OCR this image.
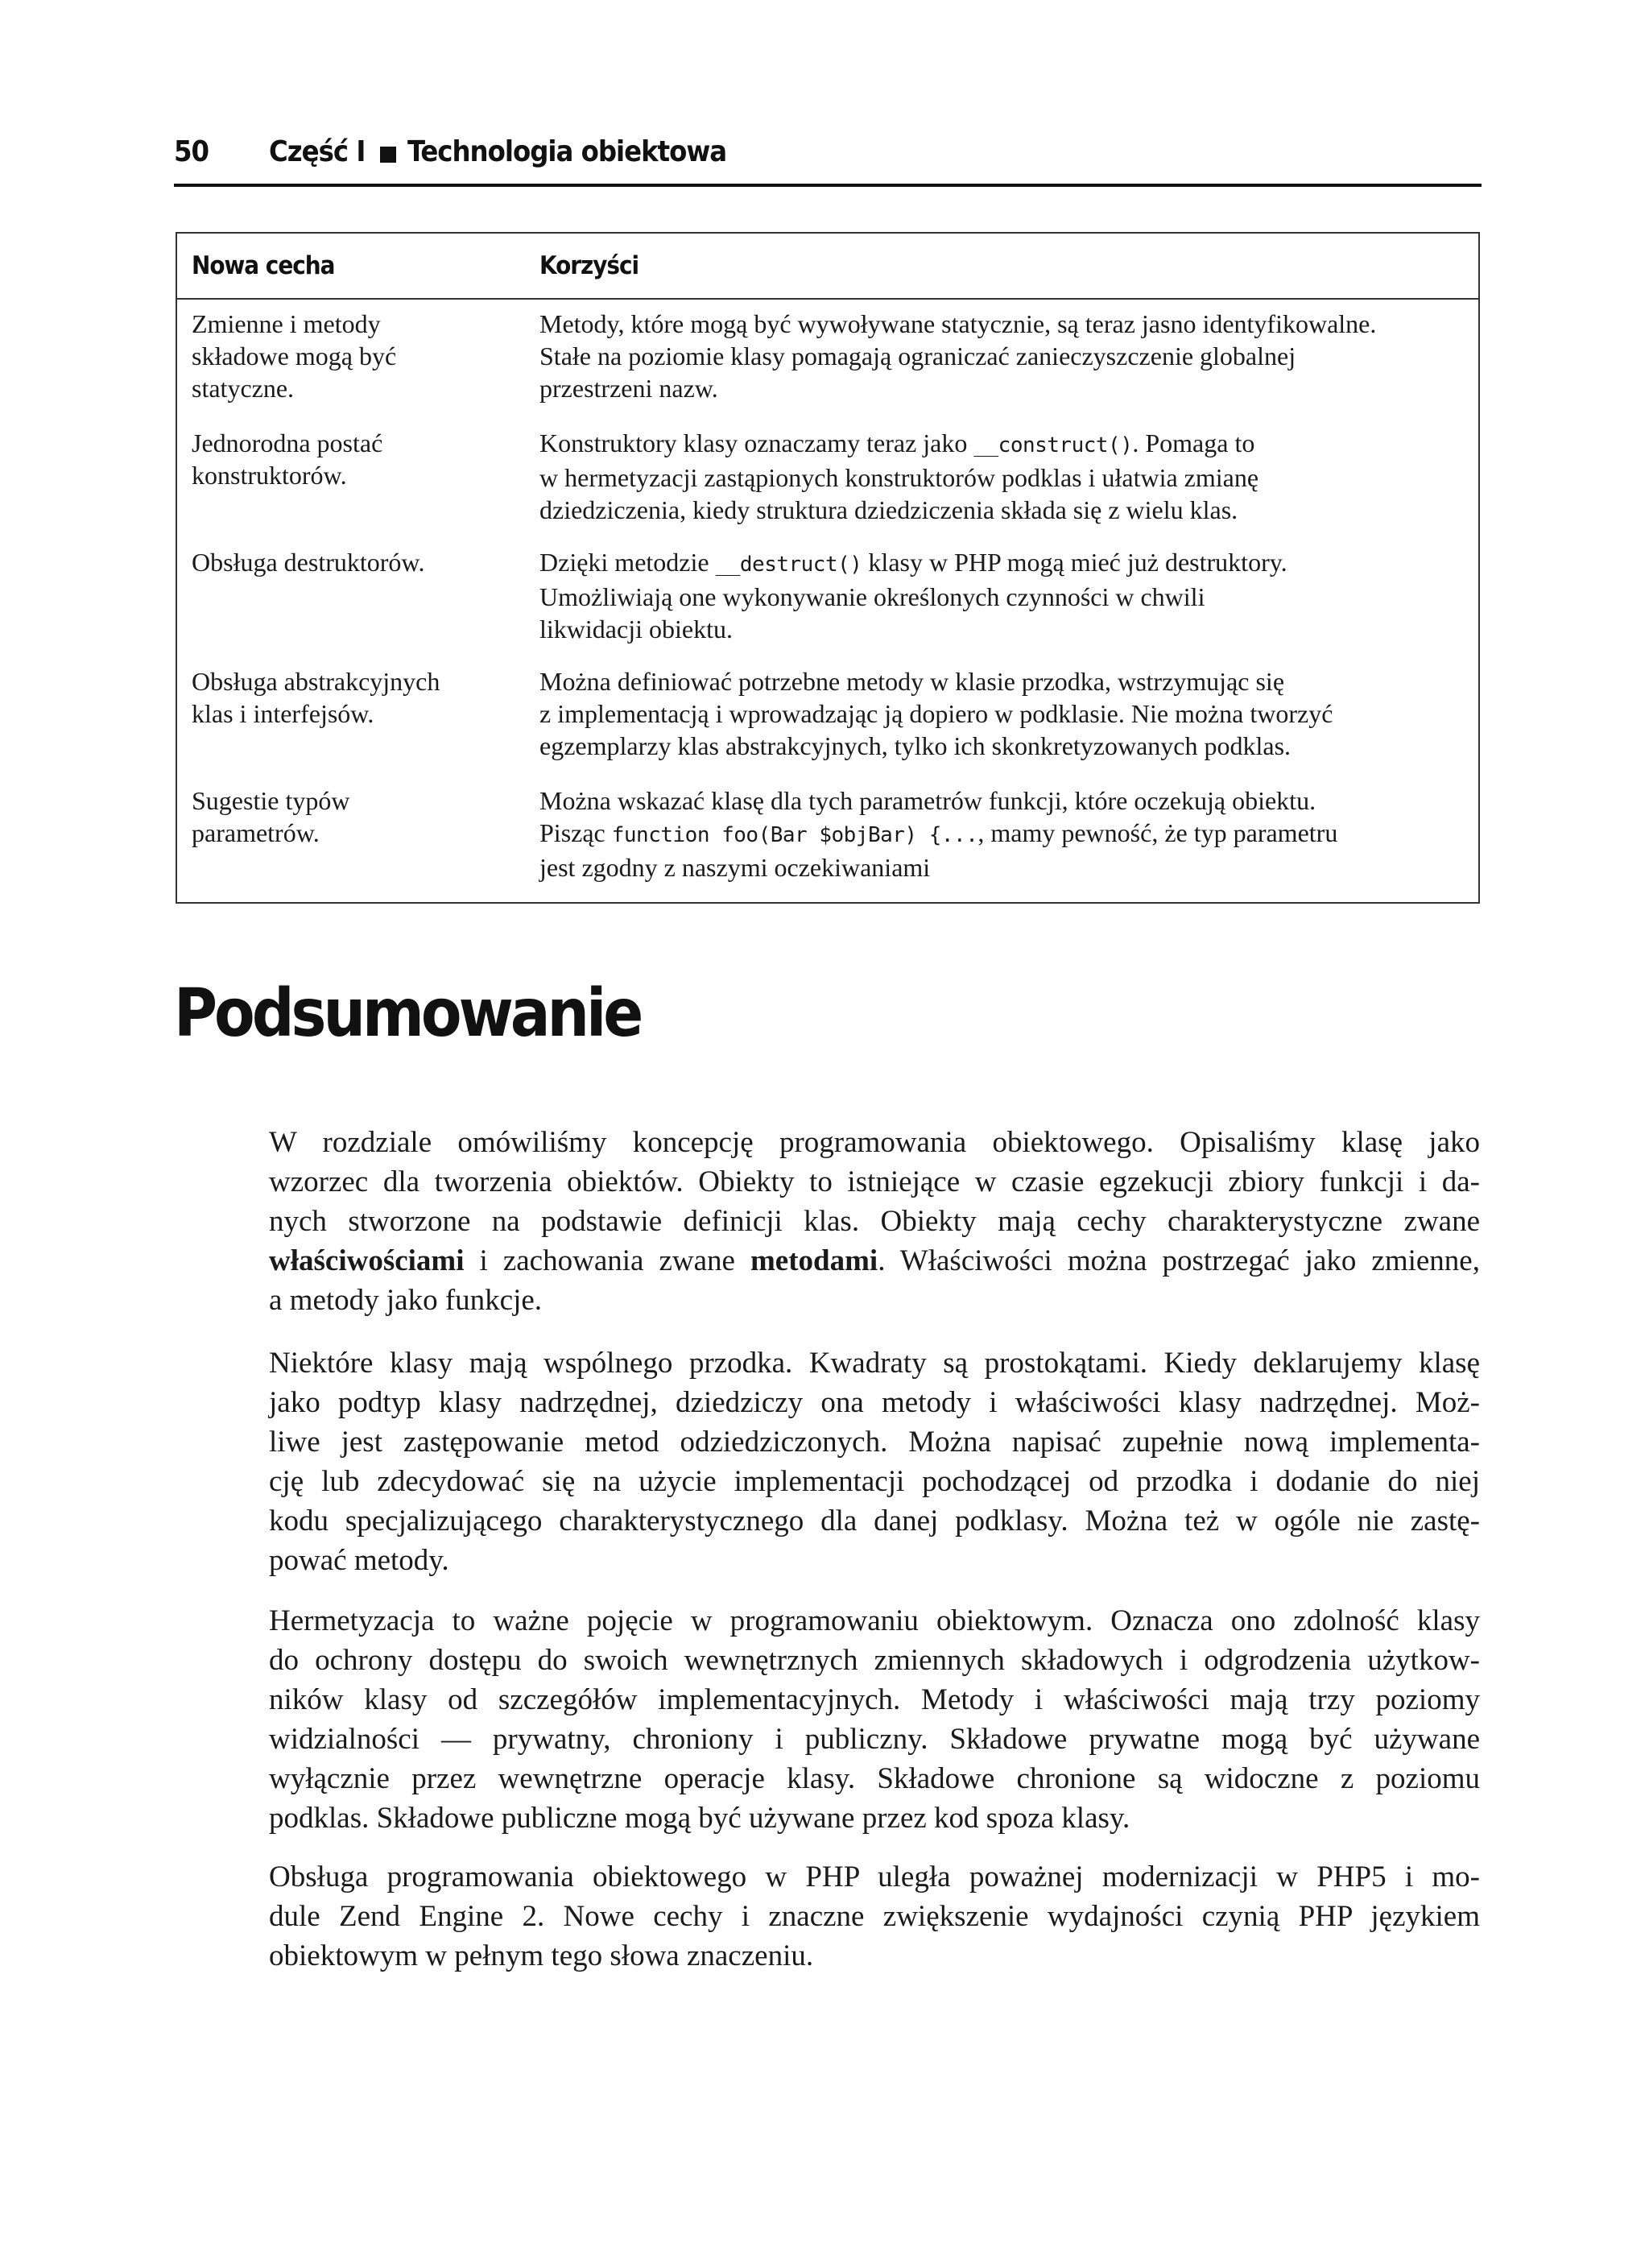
50 Część I Technologia obiektowa
Nowa cecha	Korzyści
Zmienne i metody
składowe mogą być
statyczne.
Metody, które mogą być wywoływane statycznie, są teraz jasno identyfikowalne.
Stałe na poziomie klasy pomagają ograniczać zanieczyszczenie globalnej
przestrzeni nazw.
Jednorodna postać
konstruktorów.
Konstruktory klasy oznaczamy teraz jako __construct(). Pomaga to
w hermetyzacji zastąpionych konstruktorów podklas i ułatwia zmianę
dziedziczenia, kiedy struktura dziedziczenia składa się z wielu klas.
Obsługa destruktorów.	Dzięki metodzie __destruct() klasy w PHP mogą mieć już destruktory.
Umożliwiają one wykonywanie określonych czynności w chwili
likwidacji obiektu.
Obsługa abstrakcyjnych
klas i interfejsów.
Można definiować potrzebne metody w klasie przodka, wstrzymując się
z implementacją i wprowadzając ją dopiero w podklasie. Nie można tworzyć
egzemplarzy klas abstrakcyjnych, tylko ich skonkretyzowanych podklas.
Sugestie typów
parametrów.
Można wskazać klasę dla tych parametrów funkcji, które oczekują obiektu.
Pisząc function foo(Bar $objBar) {..., mamy pewność, że typ parametru
jest zgodny z naszymi oczekiwaniami
Podsumowanie
W rozdziale omówiliśmy koncepcję programowania obiektowego. Opisaliśmy klasę jako
wzorzec dla tworzenia obiektów. Obiekty to istniejące w czasie egzekucji zbiory funkcji i da-
nych stworzone na podstawie definicji klas. Obiekty mają cechy charakterystyczne zwane
właściwościami i zachowania zwane metodami. Właściwości można postrzegać jako zmienne,
a metody jako funkcje.
Niektóre klasy mają wspólnego przodka. Kwadraty są prostokątami. Kiedy deklarujemy klasę
jako podtyp klasy nadrzędnej, dziedziczy ona metody i właściwości klasy nadrzędnej. Moż-
liwe jest zastępowanie metod odziedziczonych. Można napisać zupełnie nową implementa-
cję lub zdecydować się na użycie implementacji pochodzącej od przodka i dodanie do niej
kodu specjalizującego charakterystycznego dla danej podklasy. Można też w ogóle nie zastę-
pować metody.
Hermetyzacja to ważne pojęcie w programowaniu obiektowym. Oznacza ono zdolność klasy
do ochrony dostępu do swoich wewnętrznych zmiennych składowych i odgrodzenia użytkow-
ników klasy od szczegółów implementacyjnych. Metody i właściwości mają trzy poziomy
widzialności — prywatny, chroniony i publiczny. Składowe prywatne mogą być używane
wyłącznie przez wewnętrzne operacje klasy. Składowe chronione są widoczne z poziomu
podklas. Składowe publiczne mogą być używane przez kod spoza klasy.
Obsługa programowania obiektowego w PHP uległa poważnej modernizacji w PHP5 i mo-
dule Zend Engine 2. Nowe cechy i znaczne zwiększenie wydajności czynią PHP językiem
obiektowym w pełnym tego słowa znaczeniu.
